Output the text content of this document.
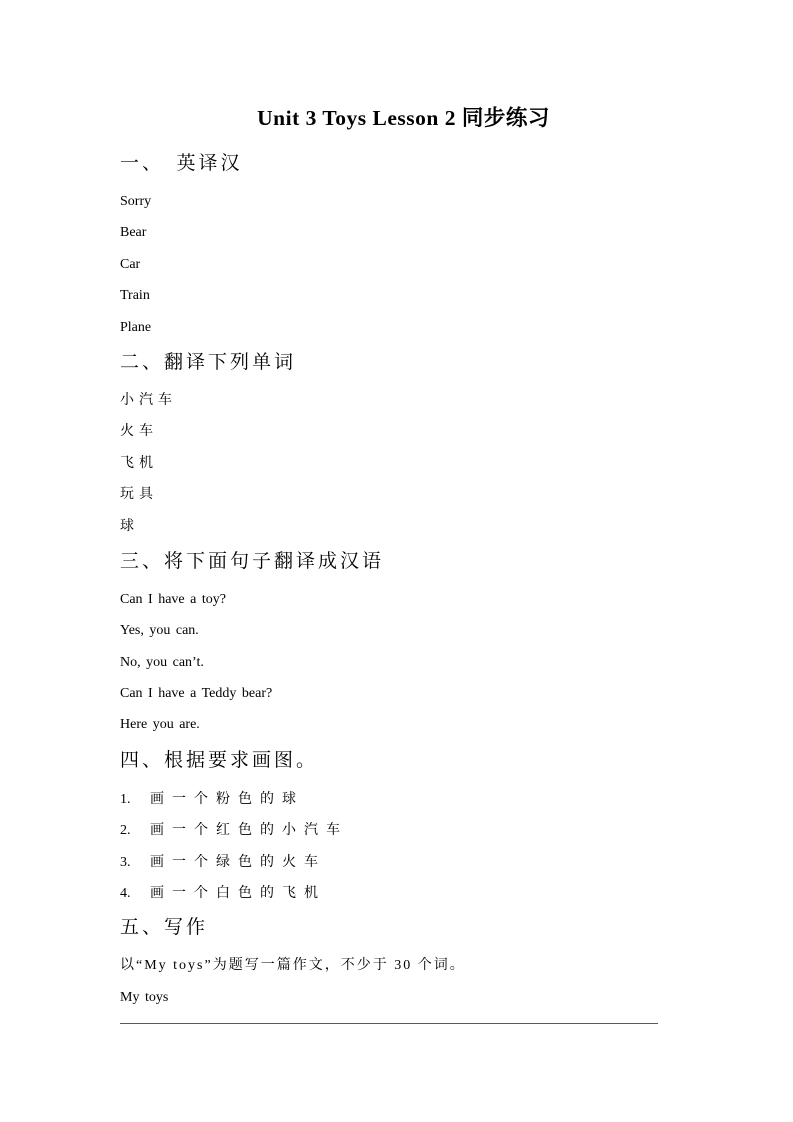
Unit 3 Toys Lesson 2 同步练习
一、　英译汉

Sorry

Bear

Car

Train

Plane

二、翻译下列单词

小汽车

火车

飞机

玩具

球

三、将下面句子翻译成汉语

Can I have a toy?

Yes, you can.

No, you can’t.

Can I have a Teddy bear?

Here you are.

四、根据要求画图。

1. 画一个粉色的球

2. 画一个红色的小汽车

3. 画一个绿色的火车

4. 画一个白色的飞机

五、写作

以“My toys”为题写一篇作文，不少于 30 个词。

My toys
